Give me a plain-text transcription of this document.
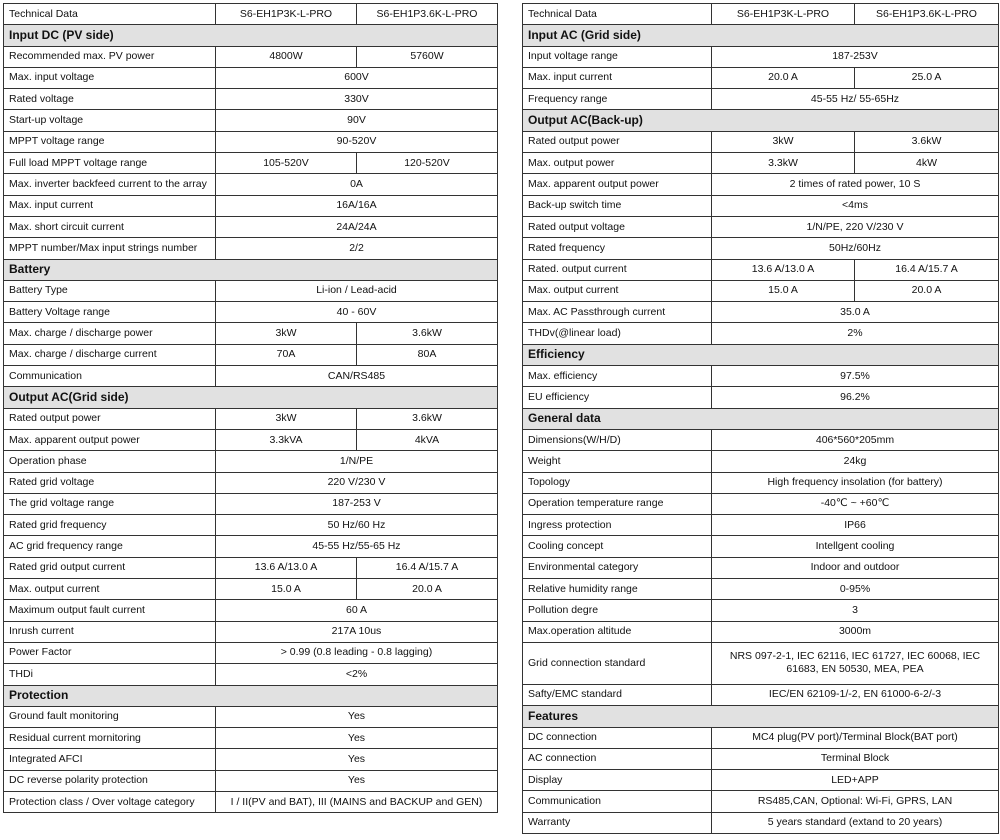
Technical Data	S6-EH1P3K-L-PRO	S6-EH1P3.6K-L-PRO
Input DC (PV side)		
Recommended max. PV power	4800W	5760W
Max. input voltage	600V	
Rated voltage	330V	
Start-up voltage	90V	
MPPT voltage range	90-520V	
Full load MPPT voltage range	105-520V	120-520V
Max. inverter backfeed current to the array	0A	
Max. input current	16A/16A	
Max. short circuit current	24A/24A	
MPPT number/Max input strings number	2/2	
Battery		
Battery Type	Li-ion / Lead-acid	
Battery Voltage range	40 - 60V	
Max. charge / discharge power	3kW	3.6kW
Max. charge / discharge current	70A	80A
Communication	CAN/RS485	
Output AC(Grid side)		
Rated output power	3kW	3.6kW
Max. apparent output power	3.3kVA	4kVA
Operation phase	1/N/PE	
Rated grid voltage	220 V/230 V	
The grid voltage range	187-253 V	
Rated grid frequency	50 Hz/60 Hz	
AC grid frequency range	45-55 Hz/55-65 Hz	
Rated grid output current	13.6 A/13.0 A	16.4 A/15.7 A
Max. output current	15.0 A	20.0 A
Maximum output fault current	60 A	
Inrush current	217A 10us	
Power Factor	> 0.99 (0.8 leading - 0.8 lagging)	
THDi	<2%	
Protection		
Ground fault monitoring	Yes	
Residual current mornitoring	Yes	
Integrated AFCI	Yes	
DC reverse polarity protection	Yes	
Protection class / Over voltage category	I / II(PV and BAT), III (MAINS and BACKUP and GEN)	
Technical Data	S6-EH1P3K-L-PRO	S6-EH1P3.6K-L-PRO
Input AC (Grid side)		
Input voltage range	187-253V	
Max. input current	20.0 A	25.0 A
Frequency range	45-55 Hz/ 55-65Hz	
Output AC(Back-up)		
Rated output power	3kW	3.6kW
Max. output power	3.3kW	4kW
Max. apparent output power	2 times of rated power, 10 S	
Back-up switch time	<4ms	
Rated output voltage	1/N/PE, 220 V/230 V	
Rated frequency	50Hz/60Hz	
Rated. output current	13.6 A/13.0 A	16.4 A/15.7 A
Max. output current	15.0 A	20.0 A
Max. AC Passthrough current	35.0 A	
THDv(@linear load)	2%	
Efficiency		
Max. efficiency	97.5%	
EU efficiency	96.2%	
General data		
Dimensions(W/H/D)	406*560*205mm	
Weight	24kg	
Topology	High frequency insolation (for battery)	
Operation temperature range	-40℃ ~ +60℃	
Ingress protection	IP66	
Cooling concept	Intellgent cooling	
Environmental category	Indoor and outdoor	
Relative humidity range	0-95%	
Pollution degre	3	
Max.operation altitude	3000m	
Grid connection standard	NRS 097-2-1, IEC 62116, IEC 61727, IEC 60068, IEC 61683, EN 50530, MEA, PEA	
Safty/EMC standard	IEC/EN 62109-1/-2, EN 61000-6-2/-3	
Features		
DC connection	MC4 plug(PV port)/Terminal Block(BAT port)	
AC connection	Terminal Block	
Display	LED+APP	
Communication	RS485,CAN, Optional: Wi-Fi, GPRS, LAN	
Warranty	5 years standard (extand to 20 years)	
